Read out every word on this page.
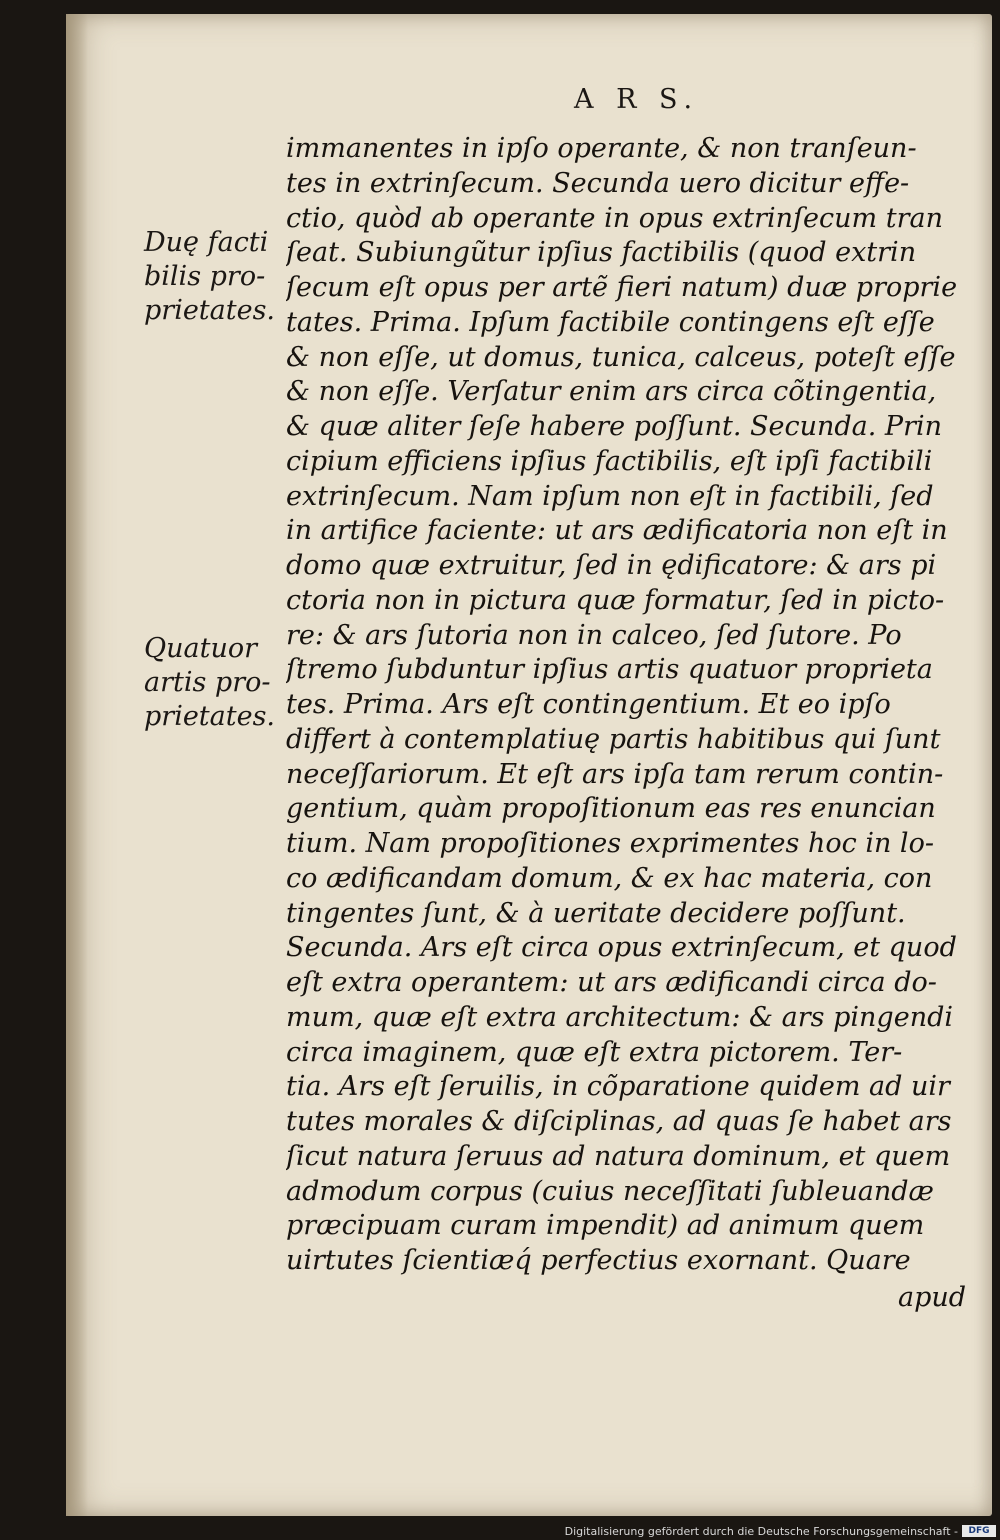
A R S.
Duę facti
bilis pro-
prietates.
Quatuor
artis pro-
prietates.
immanentes in ipſo operante, & non tranſeun-
tes in extrinſecum. Secunda uero dicitur effe-
ctio, quòd ab operante in opus extrinſecum tran
ſeat. Subiungũtur ipſius factibilis (quod extrin
ſecum eſt opus per artẽ fieri natum) duæ proprie
tates. Prima. Ipſum factibile contingens eſt eſſe
& non eſſe, ut domus, tunica, calceus, poteſt eſſe
& non eſſe. Verſatur enim ars circa cõtingentia,
& quæ aliter ſeſe habere poſſunt. Secunda. Prin
cipium efficiens ipſius factibilis, eſt ipſi factibili
extrinſecum. Nam ipſum non eſt in factibili, ſed
in artifice faciente: ut ars ædificatoria non eſt in
domo quæ extruitur, ſed in ędificatore: & ars pi
ctoria non in pictura quæ formatur, ſed in picto-
re: & ars ſutoria non in calceo, ſed ſutore. Po
ſtremo ſubduntur ipſius artis quatuor proprieta
tes. Prima. Ars eſt contingentium. Et eo ipſo
differt à contemplatiuę partis habitibus qui ſunt
neceſſariorum. Et eſt ars ipſa tam rerum contin-
gentium, quàm propoſitionum eas res enuncian
tium. Nam propoſitiones exprimentes hoc in lo-
co ædificandam domum, & ex hac materia, con
tingentes ſunt, & à ueritate decidere poſſunt.
Secunda. Ars eſt circa opus extrinſecum, et quod
eſt extra operantem: ut ars ædificandi circa do-
mum, quæ eſt extra architectum: & ars pingendi
circa imaginem, quæ eſt extra pictorem. Ter-
tia. Ars eſt ſeruilis, in cõparatione quidem ad uir
tutes morales & diſciplinas, ad quas ſe habet ars
ſicut natura ſeruus ad natura dominum, et quem
admodum corpus (cuius neceſſitati ſubleuandæ
præcipuam curam impendit) ad animum quem
uirtutes ſcientiæq́ perfectius exornant. Quare
apud
Digitalisierung gefördert durch die Deutsche Forschungsgemeinschaft -	DFG
